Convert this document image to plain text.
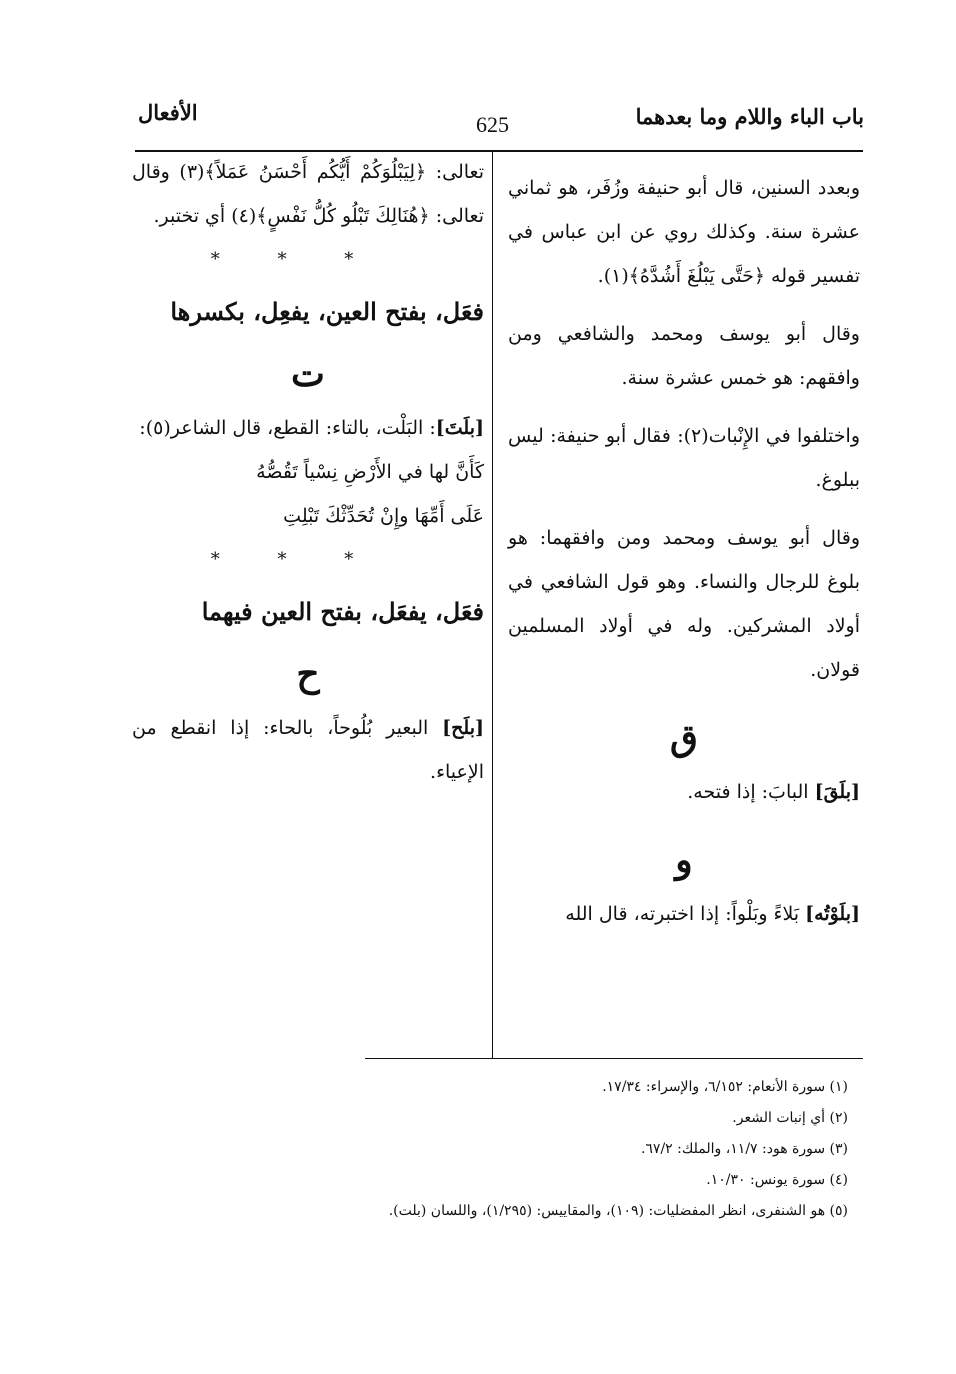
باب الباء واللام وما بعدهما
625
الأفعال

وبعدد السنين، قال أبو حنيفة وزُفَر، هو ثماني عشرة سنة. وكذلك روي عن ابن عباس في تفسير قوله ﴿حَتَّى يَبْلُغَ أَشُدَّهُ﴾(١).

وقال أبو يوسف ومحمد والشافعي ومن وافقهم: هو خمس عشرة سنة.

واختلفوا في الإِنْبات(٢): فقال أبو حنيفة: ليس ببلوغ.

وقال أبو يوسف ومحمد ومن وافقهما: هو بلوغ للرجال والنساء. وهو قول الشافعي في أولاد المشركين. وله في أولاد المسلمين قولان.

ق

[بلَقَ] البابَ: إذا فتحه.

و

[بلَوْتُه] بَلاءً وبَلْواً: إذا اختبرته، قال الله

تعالى: ﴿لِيَبْلُوَكُمْ أَيُّكُم أَحْسَنُ عَمَلاً﴾(٣) وقال تعالى: ﴿هُنَالِكَ تَبْلُو كُلُّ نَفْسٍ﴾(٤) أي تختبر.

* * *
فعَل، بفتح العين، يفعِل، بكسرها
ت

[بلَتَ]: البَلْت، بالتاء: القطع، قال الشاعر(٥):

كَأَنَّ لها في الأَرْضِ نِسْياً تَقُصُّهُ

عَلَى أَمِّهَا وإِنْ تُحَدِّثْكَ تَبْلِتِ

* * *
فعَل، يفعَل، بفتح العين فيهما
ح

[بلَح] البعير بُلُوحاً، بالحاء: إذا انقطع من الإعياء.

(١) سورة الأنعام: ٦/١٥٢، والإسراء: ١٧/٣٤.

(٢) أي إنبات الشعر.

(٣) سورة هود: ١١/٧، والملك: ٦٧/٢.

(٤) سورة يونس: ١٠/٣٠.

(٥) هو الشنفرى، انظر المفضليات: (١٠٩)، والمقاييس: (١/٢٩٥)، واللسان (بلت).
